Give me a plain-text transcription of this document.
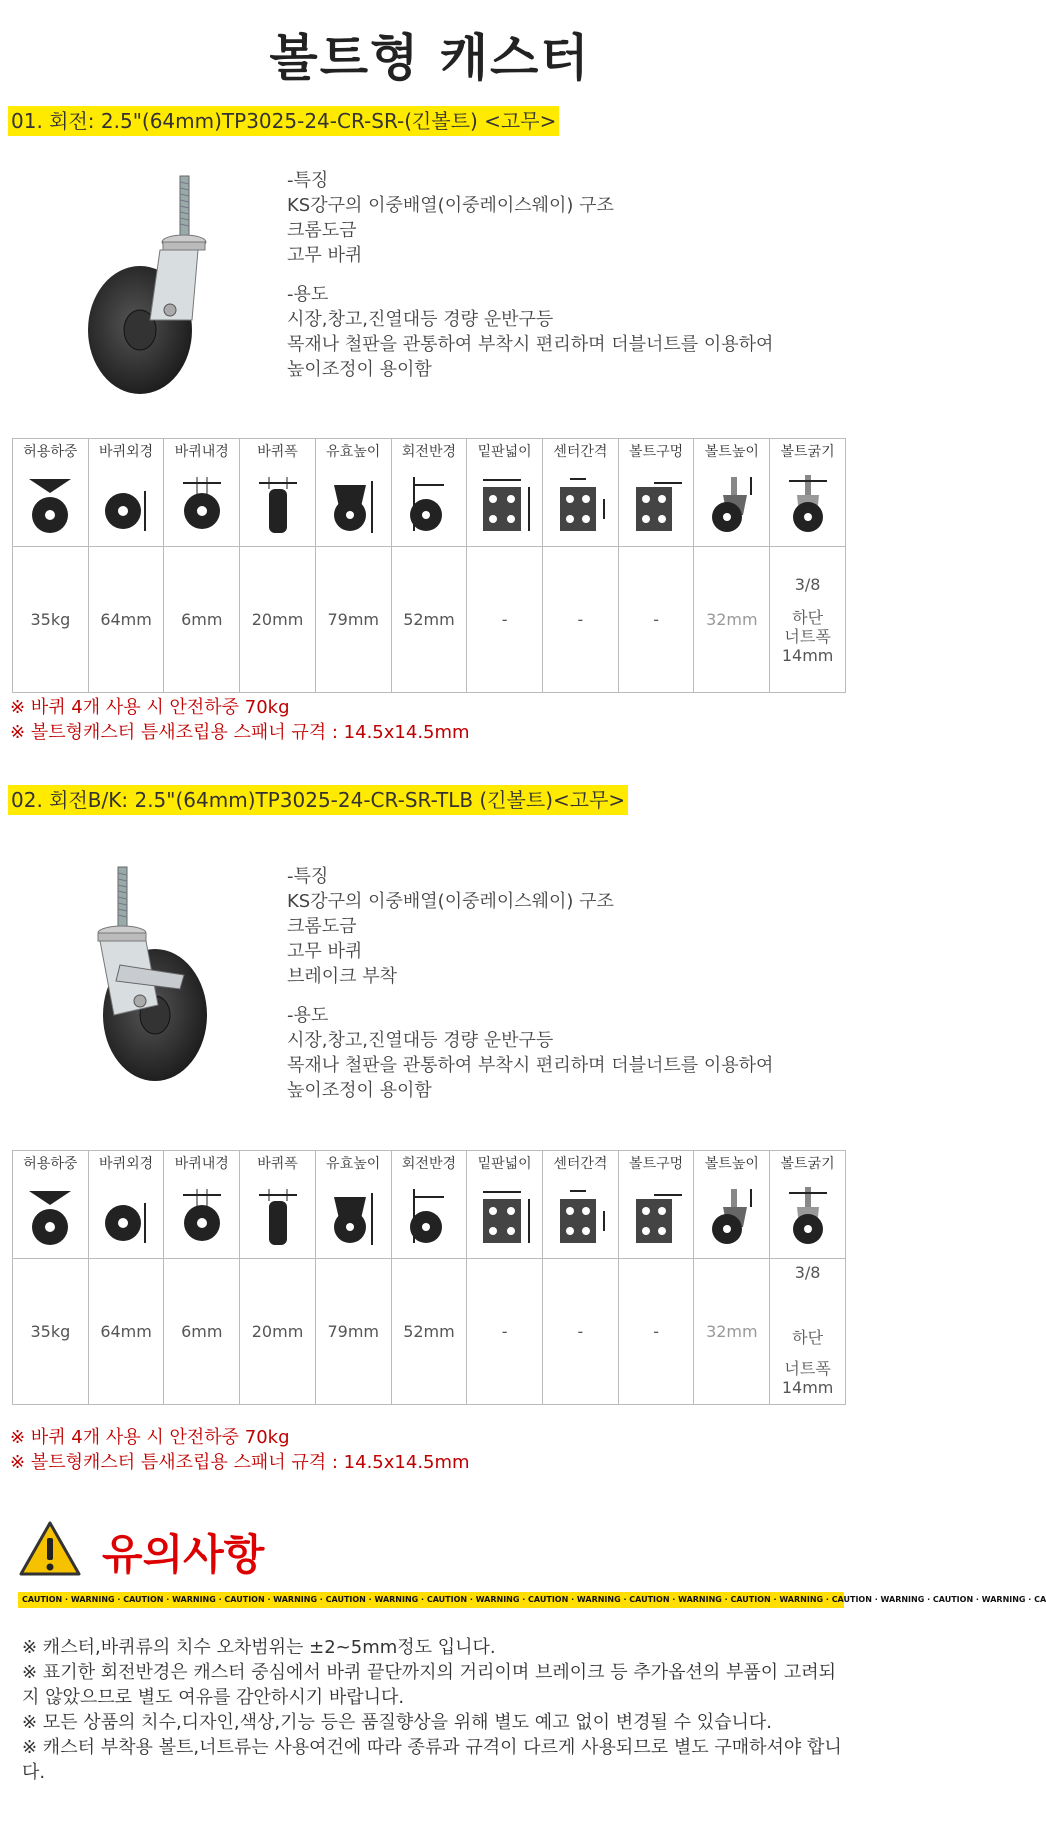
볼트형 캐스터
01. 회전: 2.5"(64mm)TP3025-24-CR-SR-(긴볼트) <고무>
-특징
KS강구의 이중배열(이중레이스웨이) 구조
크롬도금
고무 바퀴
-용도
시장,창고,진열대등 경량 운반구등
목재나 철판을 관통하여 부착시 편리하며 더블너트를 이용하여
높이조정이 용이함
허용하중	바퀴외경	바퀴내경	바퀴폭	유효높이	회전반경	밑판넓이	센터간격	볼트구멍	볼트높이	볼트굵기

35kg	64mm	6mm	20mm	79mm	52mm	-	-	-	32mm	3/8
하단
너트폭
14mm
※ 바퀴 4개 사용 시 안전하중 70kg
※ 볼트형캐스터 틈새조립용 스패너 규격 : 14.5x14.5mm
02. 회전B/K: 2.5"(64mm)TP3025-24-CR-SR-TLB (긴볼트)<고무>
-특징
KS강구의 이중배열(이중레이스웨이) 구조
크롬도금
고무 바퀴
브레이크 부착
-용도
시장,창고,진열대등 경량 운반구등
목재나 철판을 관통하여 부착시 편리하며 더블너트를 이용하여
높이조정이 용이함
허용하중	바퀴외경	바퀴내경	바퀴폭	유효높이	회전반경	밑판넓이	센터간격	볼트구멍	볼트높이	볼트굵기

35kg	64mm	6mm	20mm	79mm	52mm	-	-	-	32mm	3/8
하단
너트폭
14mm
※ 바퀴 4개 사용 시 안전하중 70kg
※ 볼트형캐스터 틈새조립용 스패너 규격 : 14.5x14.5mm
유의사항
CAUTION · WARNING · CAUTION · WARNING · CAUTION · WARNING · CAUTION · WARNING · CAUTION · WARNING · CAUTION · WARNING · CAUTION · WARNING · CAUTION · WARNING · CAUTION · WARNING · CAUTION · WARNING · CA
※ 캐스터,바퀴류의 치수 오차범위는 ±2~5mm정도 입니다.
※ 표기한 회전반경은 캐스터 중심에서 바퀴 끝단까지의 거리이며 브레이크 등 추가옵션의 부품이 고려되지 않았으므로 별도 여유를 감안하시기 바랍니다.
※ 모든 상품의 치수,디자인,색상,기능 등은 품질향상을 위해 별도 예고 없이 변경될 수 있습니다.
※ 캐스터 부착용 볼트,너트류는 사용여건에 따라 종류과 규격이 다르게 사용되므로 별도 구매하셔야 합니다.
